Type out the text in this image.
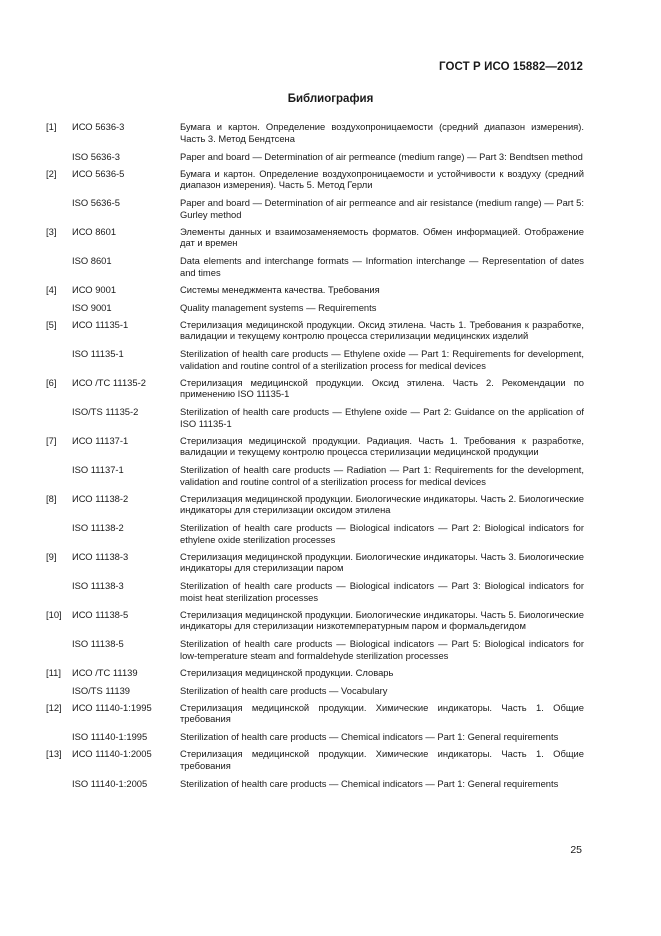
ГОСТ Р ИСО 15882—2012
Библиография
[1]	ИСО 5636-3	Бумага и картон. Определение воздухопроницаемости (средний диапазон измерения). Часть 3. Метод Бендтсена
ISO 5636-3	Paper and board — Determination of air permeance (medium range) — Part 3: Bendtsen method
[2]	ИСО 5636-5	Бумага и картон. Определение воздухопроницаемости и устойчивости к воздуху (средний диапазон измерения). Часть 5. Метод Герли
ISO 5636-5	Paper and board — Determination of air permeance and air resistance (medium range) — Part 5: Gurley method
[3]	ИСО 8601	Элементы данных и взаимозаменяемость форматов. Обмен информацией. Отображение дат и времен
ISO 8601	Data elements and interchange formats — Information interchange — Representation of dates and times
[4]	ИСО 9001	Системы менеджмента качества. Требования
ISO 9001	Quality management systems — Requirements
[5]	ИСО 11135-1	Стерилизация медицинской продукции. Оксид этилена. Часть 1. Требования к разработке, валидации и текущему контролю процесса стерилизации медицинских изделий
ISO 11135-1	Sterilization of health care products — Ethylene oxide — Part 1: Requirements for development, validation and routine control of a sterilization process for medical devices
[6]	ИСО /ТС 11135-2	Стерилизация медицинской продукции. Оксид этилена. Часть 2. Рекомендации по применению ISO 11135-1
ISO/TS 11135-2	Sterilization of health care products — Ethylene oxide — Part 2: Guidance on the application of ISO 11135-1
[7]	ИСО 11137-1	Стерилизация медицинской продукции. Радиация. Часть 1. Требования к разработке, валидации и текущему контролю процесса стерилизации медицинской продукции
ISO 11137-1	Sterilization of health care products — Radiation — Part 1: Requirements for the development, validation and routine control of a sterilization process for medical devices
[8]	ИСО 11138-2	Стерилизация медицинской продукции. Биологические индикаторы. Часть 2. Биологические индикаторы для стерилизации оксидом этилена
ISO 11138-2	Sterilization of health care products — Biological indicators — Part 2: Biological indicators for ethylene oxide sterilization processes
[9]	ИСО 11138-3	Стерилизация медицинской продукции. Биологические индикаторы. Часть 3. Биологические индикаторы для стерилизации паром
ISO 11138-3	Sterilization of health care products — Biological indicators — Part 3: Biological indicators for moist heat sterilization processes
[10]	ИСО 11138-5	Стерилизация медицинской продукции. Биологические индикаторы. Часть 5. Биологические индикаторы для стерилизации низкотемпературным паром и формальдегидом
ISO 11138-5	Sterilization of health care products — Biological indicators — Part 5: Biological indicators for low-temperature steam and formaldehyde sterilization processes
[11]	ИСО /ТС 11139	Стерилизация медицинской продукции. Словарь
ISO/TS 11139	Sterilization of health care products — Vocabulary
[12]	ИСО 11140-1:1995	Стерилизация медицинской продукции. Химические индикаторы. Часть 1. Общие требования
ISO 11140-1:1995	Sterilization of health care products — Chemical indicators — Part 1: General requirements
[13]	ИСО 11140-1:2005	Стерилизация медицинской продукции. Химические индикаторы. Часть 1. Общие требования
ISO 11140-1:2005	Sterilization of health care products — Chemical indicators — Part 1: General requirements
25
